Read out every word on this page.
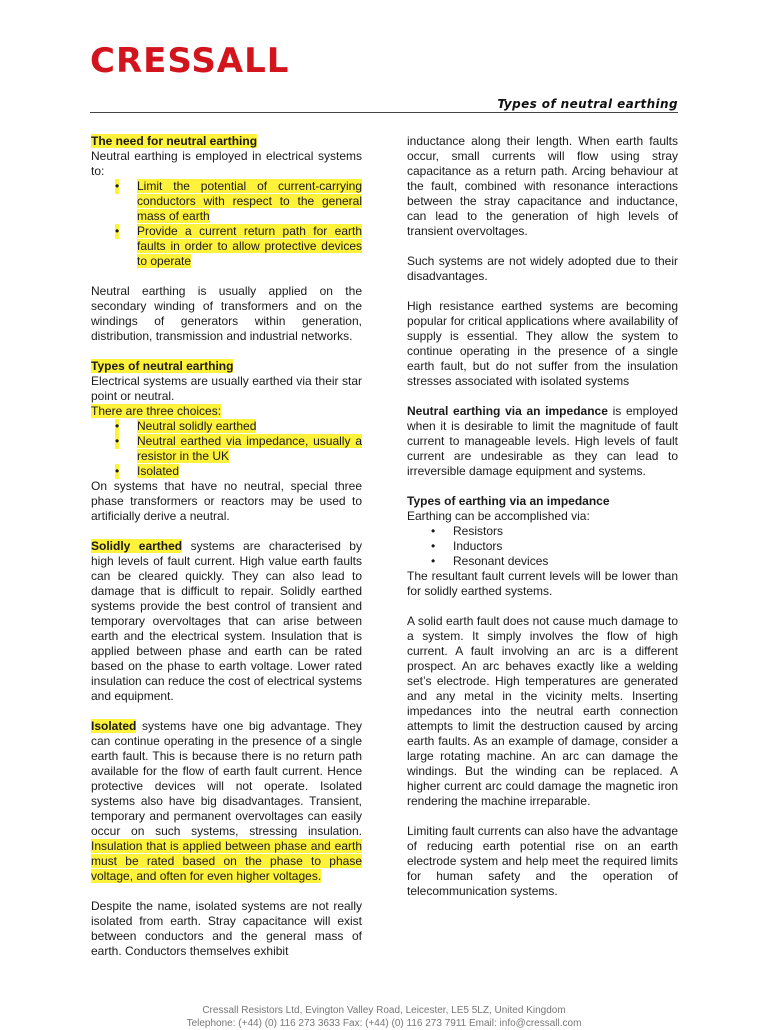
CRESSALL
Types of neutral earthing
The need for neutral earthing

Neutral earthing is employed in electrical systems to:

• Limit the potential of current-carrying conductors with respect to the general mass of earth
• Provide a current return path for earth faults in order to allow protective devices to operate

Neutral earthing is usually applied on the secondary winding of transformers and on the windings of generators within generation, distribution, transmission and industrial networks.

Types of neutral earthing

Electrical systems are usually earthed via their star point or neutral.

There are three choices:

• Neutral solidly earthed
• Neutral earthed via impedance, usually a resistor in the UK
• Isolated

On systems that have no neutral, special three phase transformers or reactors may be used to artificially derive a neutral.

Solidly earthed systems are characterised by high levels of fault current. High value earth faults can be cleared quickly. They can also lead to damage that is difficult to repair. Solidly earthed systems provide the best control of transient and temporary overvoltages that can arise between earth and the electrical system. Insulation that is applied between phase and earth can be rated based on the phase to earth voltage. Lower rated insulation can reduce the cost of electrical systems and equipment.

Isolated systems have one big advantage. They can continue operating in the presence of a single earth fault. This is because there is no return path available for the flow of earth fault current. Hence protective devices will not operate. Isolated systems also have big disadvantages. Transient, temporary and permanent overvoltages can easily occur on such systems, stressing insulation. Insulation that is applied between phase and earth must be rated based on the phase to phase voltage, and often for even higher voltages.

Despite the name, isolated systems are not really isolated from earth. Stray capacitance will exist between conductors and the general mass of earth. Conductors themselves exhibit

inductance along their length. When earth faults occur, small currents will flow using stray capacitance as a return path. Arcing behaviour at the fault, combined with resonance interactions between the stray capacitance and inductance, can lead to the generation of high levels of transient overvoltages.

Such systems are not widely adopted due to their disadvantages.

High resistance earthed systems are becoming popular for critical applications where availability of supply is essential. They allow the system to continue operating in the presence of a single earth fault, but do not suffer from the insulation stresses associated with isolated systems

Neutral earthing via an impedance is employed when it is desirable to limit the magnitude of fault current to manageable levels. High levels of fault current are undesirable as they can lead to irreversible damage equipment and systems.

Types of earthing via an impedance

Earthing can be accomplished via:

• Resistors
• Inductors
• Resonant devices

The resultant fault current levels will be lower than for solidly earthed systems.

A solid earth fault does not cause much damage to a system. It simply involves the flow of high current. A fault involving an arc is a different prospect. An arc behaves exactly like a welding set’s electrode. High temperatures are generated and any metal in the vicinity melts. Inserting impedances into the neutral earth connection attempts to limit the destruction caused by arcing earth faults. As an example of damage, consider a large rotating machine. An arc can damage the windings. But the winding can be replaced. A higher current arc could damage the magnetic iron rendering the machine irreparable.

Limiting fault currents can also have the advantage of reducing earth potential rise on an earth electrode system and help meet the required limits for human safety and the operation of telecommunication systems.

Cressall Resistors Ltd, Evington Valley Road, Leicester, LE5 5LZ, United Kingdom

Telephone: (+44) (0) 116 273 3633 Fax: (+44) (0) 116 273 7911 Email: info@cressall.com
